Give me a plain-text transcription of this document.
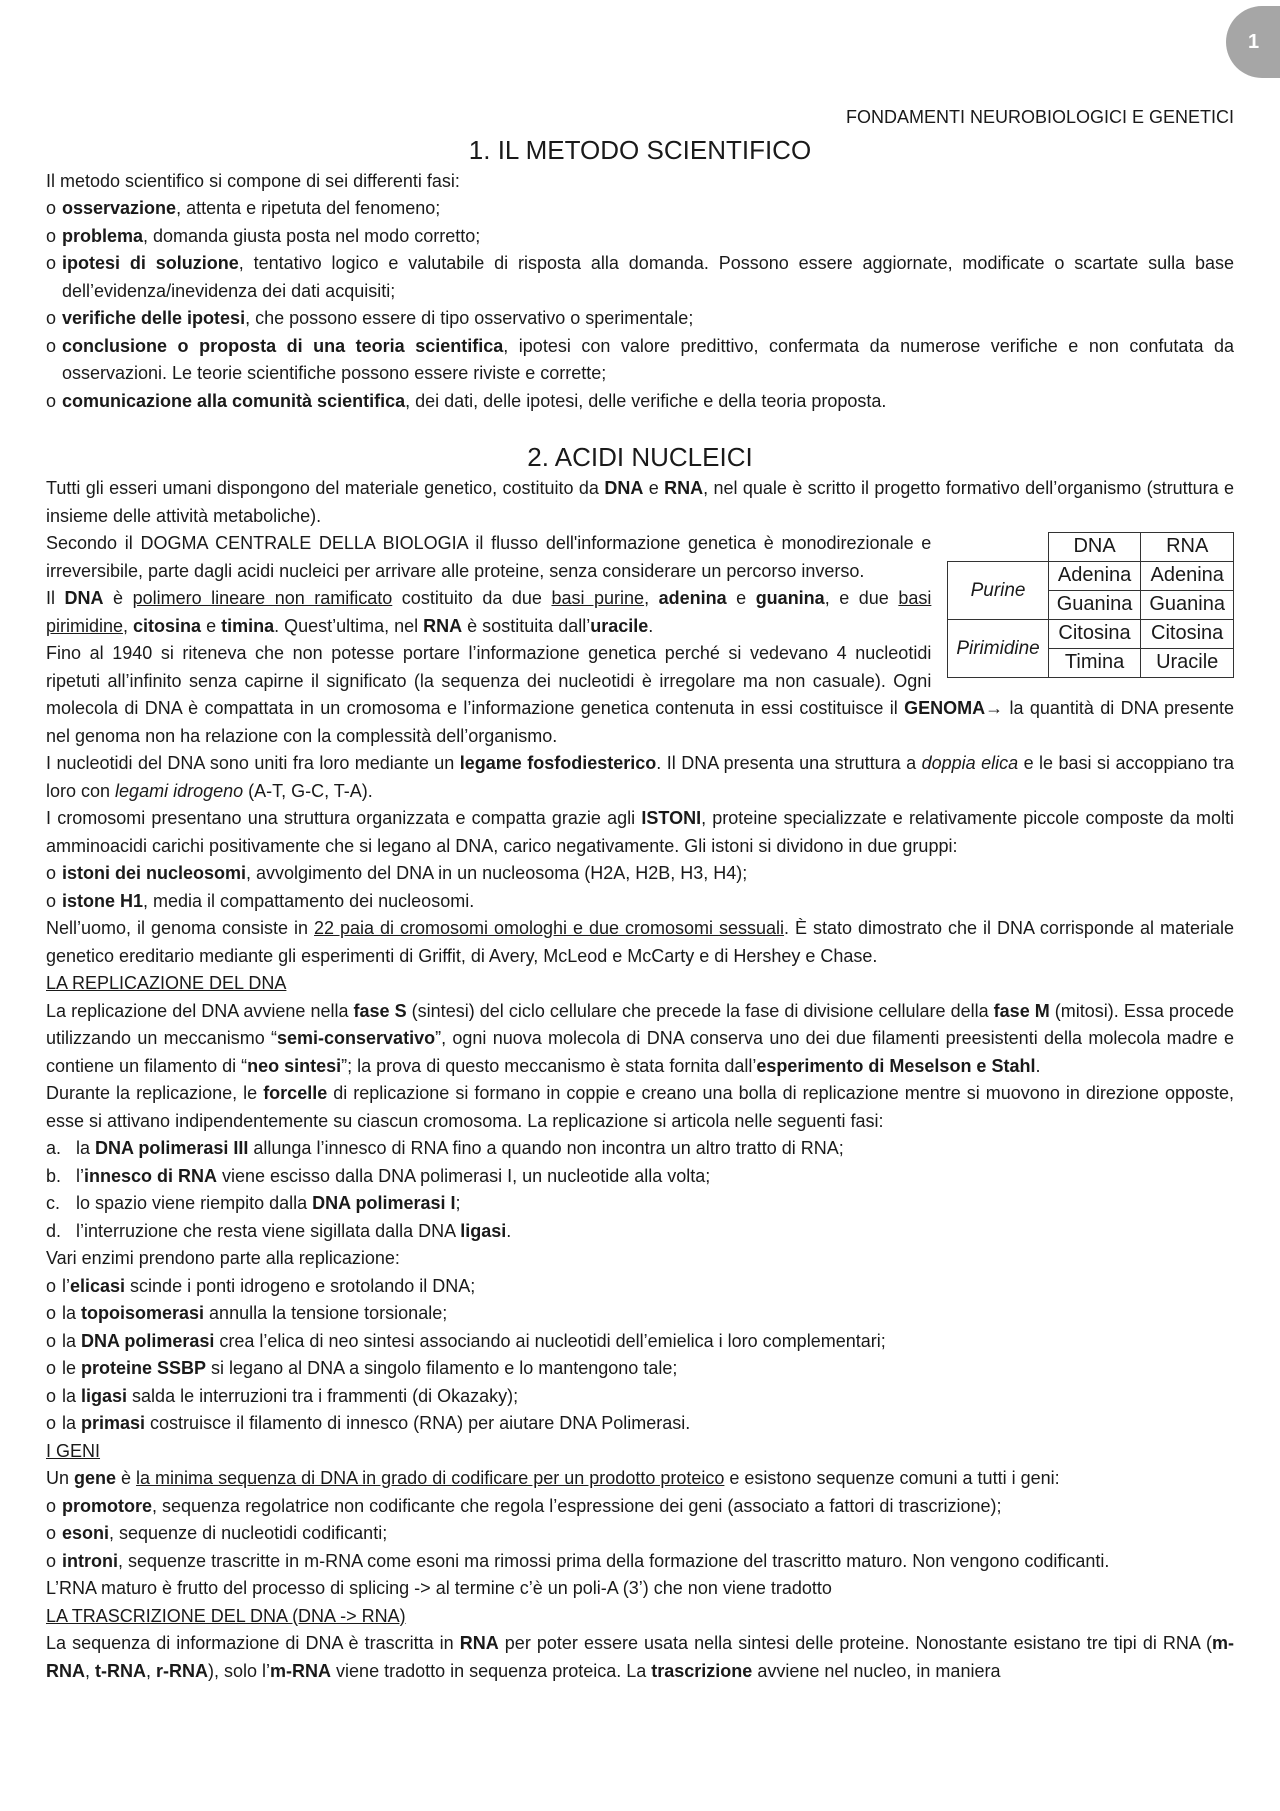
1
FONDAMENTI NEUROBIOLOGICI E GENETICI
1. IL METODO SCIENTIFICO

Il metodo scientifico si compone di sei differenti fasi:

o osservazione, attenta e ripetuta del fenomeno;
o problema, domanda giusta posta nel modo corretto;
o ipotesi di soluzione, tentativo logico e valutabile di risposta alla domanda. Possono essere aggiornate, modificate o scartate sulla base dell’evidenza/inevidenza dei dati acquisiti;
o verifiche delle ipotesi, che possono essere di tipo osservativo o sperimentale;
o conclusione o proposta di una teoria scientifica, ipotesi con valore predittivo, confermata da numerose verifiche e non confutata da osservazioni. Le teorie scientifiche possono essere riviste e corrette;
o comunicazione alla comunità scientifica, dei dati, delle ipotesi, delle verifiche e della teoria proposta.
2. ACIDI NUCLEICI

Tutti gli esseri umani dispongono del materiale genetico, costituito da DNA e RNA, nel quale è scritto il progetto formativo dell’organismo (struttura e insieme delle attività metaboliche).

	DNA	RNA
Purine	Adenina	Adenina
	Guanina	Guanina
Pirimidine	Citosina	Citosina
	Timina	Uracile

Secondo il DOGMA CENTRALE DELLA BIOLOGIA il flusso dell'informazione genetica è monodirezionale e irreversibile, parte dagli acidi nucleici per arrivare alle proteine, senza considerare un percorso inverso.

Il DNA è polimero lineare non ramificato costituito da due basi purine, adenina e guanina, e due basi pirimidine, citosina e timina. Quest’ultima, nel RNA è sostituita dall’uracile.

Fino al 1940 si riteneva che non potesse portare l’informazione genetica perché si vedevano 4 nucleotidi ripetuti all’infinito senza capirne il significato (la sequenza dei nucleotidi è irregolare ma non casuale). Ogni molecola di DNA è compattata in un cromosoma e l’informazione genetica contenuta in essi costituisce il GENOMA→ la quantità di DNA presente nel genoma non ha relazione con la complessità dell’organismo.

I nucleotidi del DNA sono uniti fra loro mediante un legame fosfodiesterico. Il DNA presenta una struttura a doppia elica e le basi si accoppiano tra loro con legami idrogeno (A-T, G-C, T-A).

I cromosomi presentano una struttura organizzata e compatta grazie agli ISTONI, proteine specializzate e relativamente piccole composte da molti amminoacidi carichi positivamente che si legano al DNA, carico negativamente. Gli istoni si dividono in due gruppi:

o istoni dei nucleosomi, avvolgimento del DNA in un nucleosoma (H2A, H2B, H3, H4);
o istone H1, media il compattamento dei nucleosomi.

Nell’uomo, il genoma consiste in 22 paia di cromosomi omologhi e due cromosomi sessuali. È stato dimostrato che il DNA corrisponde al materiale genetico ereditario mediante gli esperimenti di Griffit, di Avery, McLeod e McCarty e di Hershey e Chase.

LA REPLICAZIONE DEL DNA

La replicazione del DNA avviene nella fase S (sintesi) del ciclo cellulare che precede la fase di divisione cellulare della fase M (mitosi). Essa procede utilizzando un meccanismo “semi-conservativo”, ogni nuova molecola di DNA conserva uno dei due filamenti preesistenti della molecola madre e contiene un filamento di “neo sintesi”; la prova di questo meccanismo è stata fornita dall’esperimento di Meselson e Stahl.

Durante la replicazione, le forcelle di replicazione si formano in coppie e creano una bolla di replicazione mentre si muovono in direzione opposte, esse si attivano indipendentemente su ciascun cromosoma. La replicazione si articola nelle seguenti fasi:

a. la DNA polimerasi III allunga l’innesco di RNA fino a quando non incontra un altro tratto di RNA;
b. l’innesco di RNA viene escisso dalla DNA polimerasi I, un nucleotide alla volta;
c. lo spazio viene riempito dalla DNA polimerasi I;
d. l’interruzione che resta viene sigillata dalla DNA ligasi.

Vari enzimi prendono parte alla replicazione:

o l’elicasi scinde i ponti idrogeno e srotolando il DNA;
o la topoisomerasi annulla la tensione torsionale;
o la DNA polimerasi crea l’elica di neo sintesi associando ai nucleotidi dell’emielica i loro complementari;
o le proteine SSBP si legano al DNA a singolo filamento e lo mantengono tale;
o la ligasi salda le interruzioni tra i frammenti (di Okazaky);
o la primasi costruisce il filamento di innesco (RNA) per aiutare DNA Polimerasi.
I GENI

Un gene è la minima sequenza di DNA in grado di codificare per un prodotto proteico e esistono sequenze comuni a tutti i geni:

o promotore, sequenza regolatrice non codificante che regola l’espressione dei geni (associato a fattori di trascrizione);
o esoni, sequenze di nucleotidi codificanti;
o introni, sequenze trascritte in m-RNA come esoni ma rimossi prima della formazione del trascritto maturo. Non vengono codificanti.

L’RNA maturo è frutto del processo di splicing -> al termine c’è un poli-A (3’) che non viene tradotto

LA TRASCRIZIONE DEL DNA (DNA -> RNA)

La sequenza di informazione di DNA è trascritta in RNA per poter essere usata nella sintesi delle proteine. Nonostante esistano tre tipi di RNA (m-RNA, t-RNA, r-RNA), solo l’m-RNA viene tradotto in sequenza proteica. La trascrizione avviene nel nucleo, in maniera
